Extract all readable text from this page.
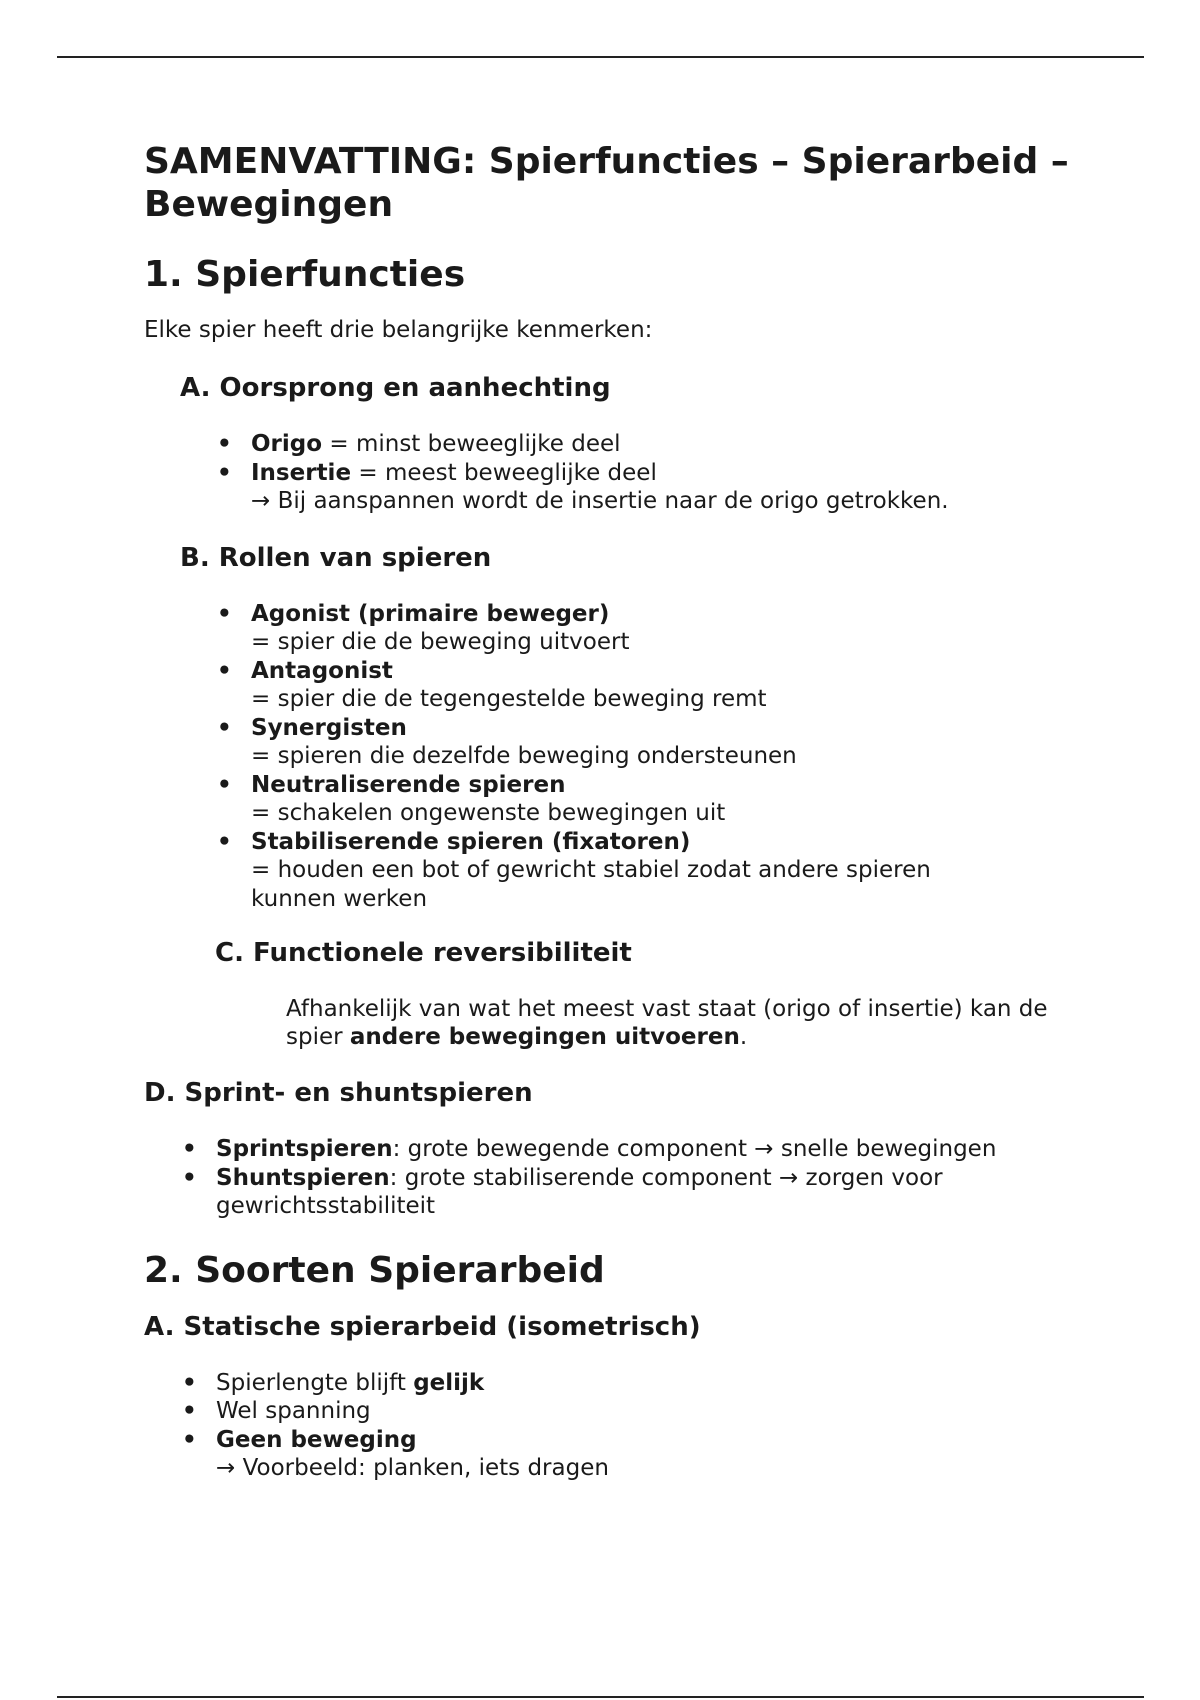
SAMENVATTING: Spierfuncties – Spierarbeid – Bewegingen
1. Spierfuncties

Elke spier heeft drie belangrijke kenmerken:

A. Oorsprong en aanhechting
• Origo = minst beweeglijke deel
• Insertie = meest beweeglijke deel
→ Bij aanspannen wordt de insertie naar de origo getrokken.
B. Rollen van spieren
• Agonist (primaire beweger)
= spier die de beweging uitvoert
• Antagonist
= spier die de tegengestelde beweging remt
• Synergisten
= spieren die dezelfde beweging ondersteunen
• Neutraliserende spieren
= schakelen ongewenste bewegingen uit
• Stabiliserende spieren (fixatoren)
= houden een bot of gewricht stabiel zodat andere spieren kunnen werken
C. Functionele reversibiliteit

Afhankelijk van wat het meest vast staat (origo of insertie) kan de spier andere bewegingen uitvoeren.

D. Sprint- en shuntspieren
• Sprintspieren: grote bewegende component → snelle bewegingen
• Shuntspieren: grote stabiliserende component → zorgen voor gewrichtsstabiliteit
2. Soorten Spierarbeid
A. Statische spierarbeid (isometrisch)
• Spierlengte blijft gelijk
• Wel spanning
• Geen beweging
→ Voorbeeld: planken, iets dragen
